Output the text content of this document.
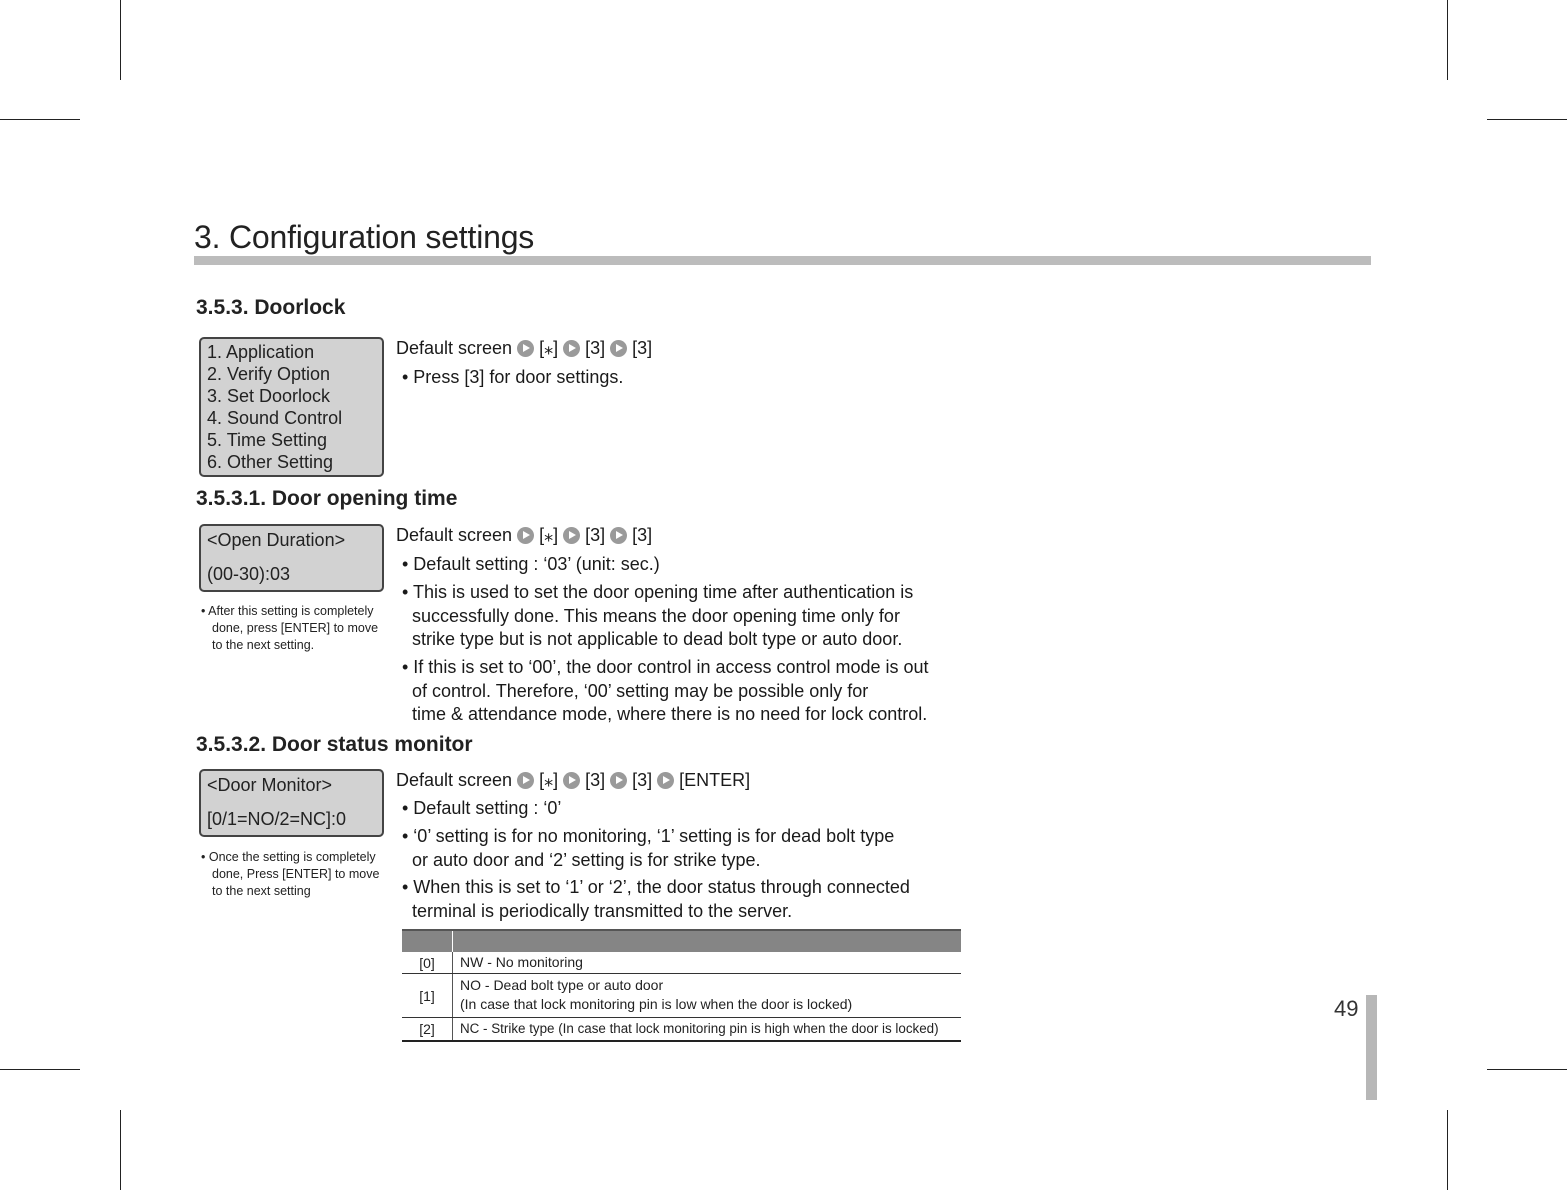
3. Configuration settings
3.5.3. Doorlock
1. Application
2. Verify Option
3. Set Doorlock
4. Sound Control
5. Time Setting
6. Other Setting
Default screen [⁎] [3] [3]
• Press [3] for door settings.
3.5.3.1. Door opening time
<Open Duration>
(00-30):03
• After this setting is completely
done, press [ENTER] to move
to the next setting.
Default screen [⁎] [3] [3]
• Default setting : ‘03’ (unit: sec.)
• This is used to set the door opening time after authentication is
successfully done. This means the door opening time only for
strike type but is not applicable to dead bolt type or auto door.
• If this is set to ‘00’, the door control in access control mode is out
of control. Therefore, ‘00’ setting may be possible only for
time & attendance mode, where there is no need for lock control.
3.5.3.2. Door status monitor
<Door Monitor>
[0/1=NO/2=NC]:0
• Once the setting is completely
done, Press [ENTER] to move
to the next setting
Default screen [⁎] [3] [3] [ENTER]
• Default setting : ‘0’
• ‘0’ setting is for no monitoring, ‘1’ setting is for dead bolt type
or auto door and ‘2’ setting is for strike type.
• When this is set to ‘1’ or ‘2’, the door status through connected
terminal is periodically transmitted to the server.
[0]	NW - No monitoring
[1]
NO - Dead bolt type or auto door
(In case that lock monitoring pin is low when the door is locked)
[2]	NC - Strike type (In case that lock monitoring pin is high when the door is locked)
49
